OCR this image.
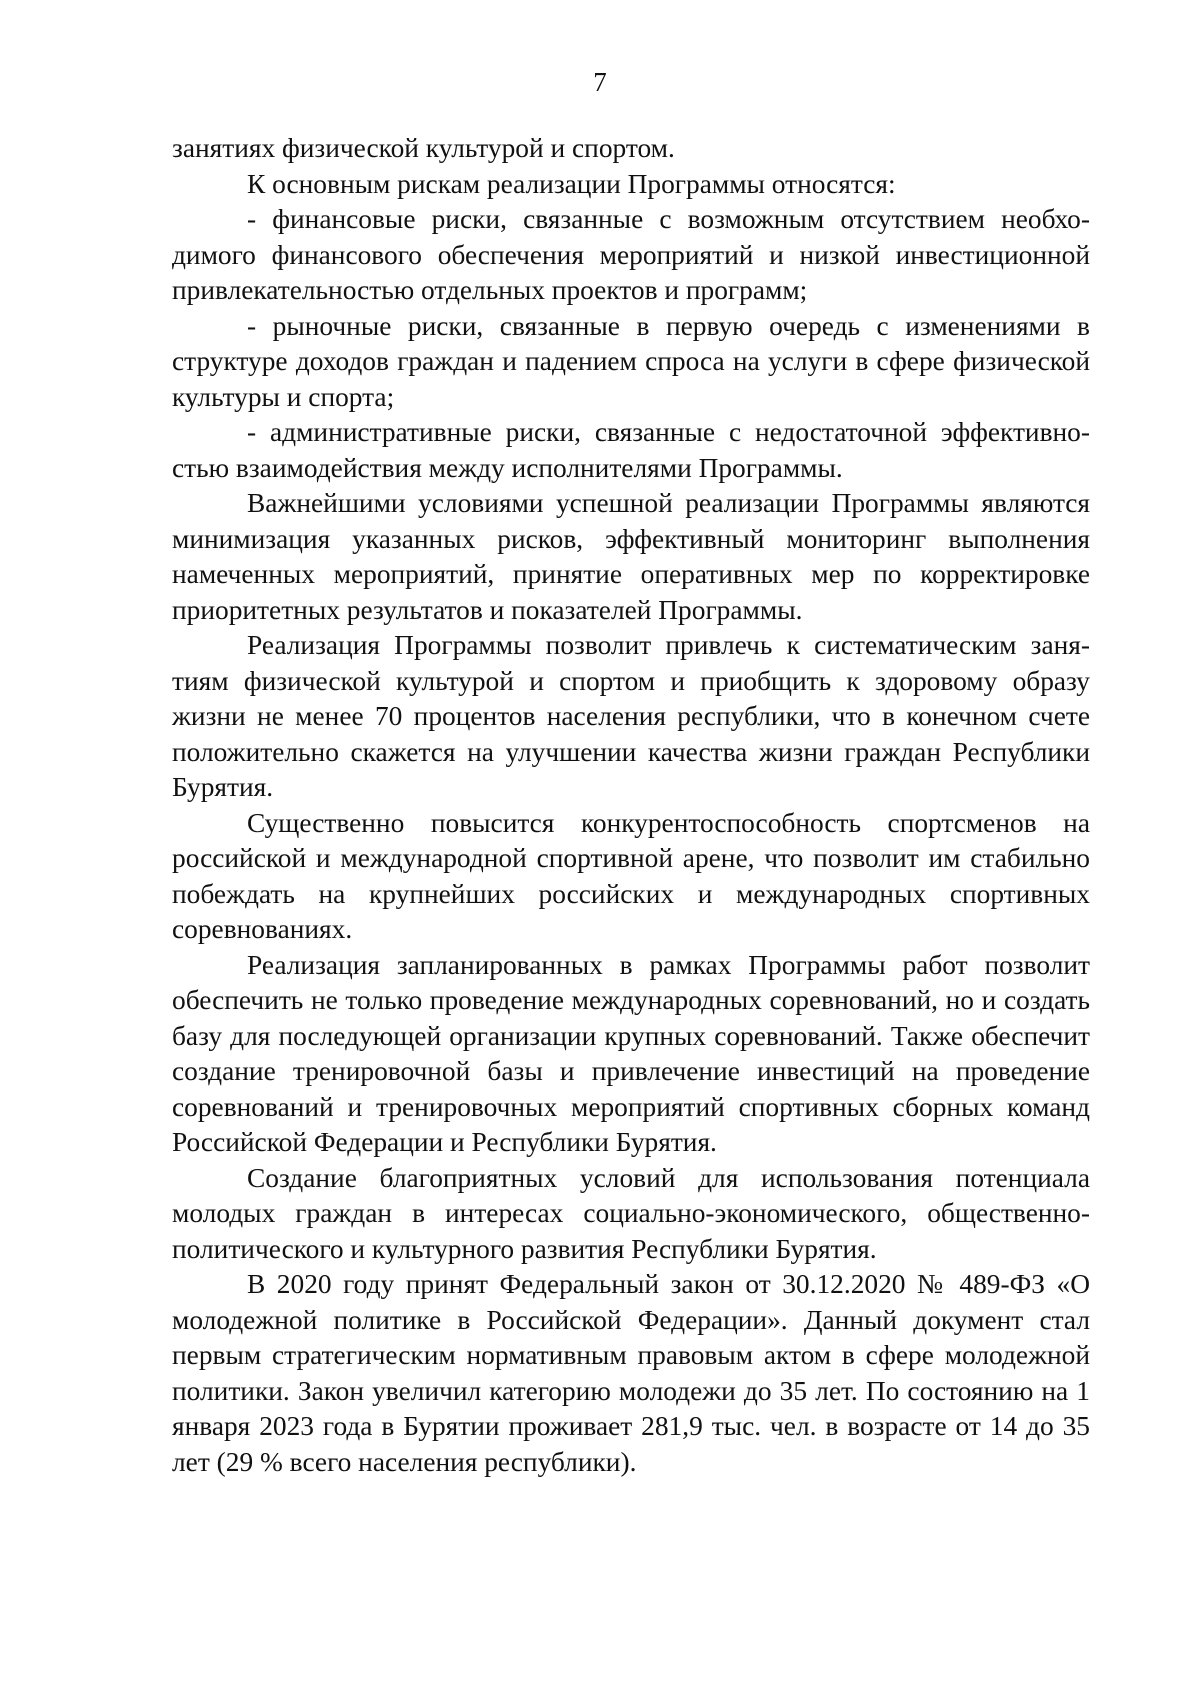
7

занятиях физической культурой и спортом.

К основным рискам реализации Программы относятся:

- финансовые риски, связанные с возможным отсутствием необходимого финансового обеспечения мероприятий и низкой инвестиционной привлекательностью отдельных проектов и программ;

- рыночные риски, связанные в первую очередь с изменениями в структуре доходов граждан и падением спроса на услуги в сфере физической культуры и спорта;

- административные риски, связанные с недостаточной эффективностью взаимодействия между исполнителями Программы.

Важнейшими условиями успешной реализации Программы являются минимизация указанных рисков, эффективный мониторинг выполнения намеченных мероприятий, принятие оперативных мер по корректировке приоритетных результатов и показателей Программы.

Реализация Программы позволит привлечь к систематическим занятиям физической культурой и спортом и приобщить к здоровому образу жизни не менее 70 процентов населения республики, что в конечном счете положительно скажется на улучшении качества жизни граждан Республики Бурятия.

Существенно повысится конкурентоспособность спортсменов на российской и международной спортивной арене, что позволит им стабильно побеждать на крупнейших российских и международных спортивных соревнованиях.

Реализация запланированных в рамках Программы работ позволит обеспечить не только проведение международных соревнований, но и создать базу для последующей организации крупных соревнований. Также обеспечит создание тренировочной базы и привлечение инвестиций на проведение соревнований и тренировочных мероприятий спортивных сборных команд Российской Федерации и Республики Бурятия.

Создание благоприятных условий для использования потенциала молодых граждан в интересах социально-экономического, общественно-политического и культурного развития Республики Бурятия.

В 2020 году принят Федеральный закон от 30.12.2020 № 489-ФЗ «О молодежной политике в Российской Федерации». Данный документ стал первым стратегическим нормативным правовым актом в сфере молодежной политики. Закон увеличил категорию молодежи до 35 лет. По состоянию на 1 января 2023 года в Бурятии проживает 281,9 тыс. чел. в возрасте от 14 до 35 лет (29 % всего населения республики).
